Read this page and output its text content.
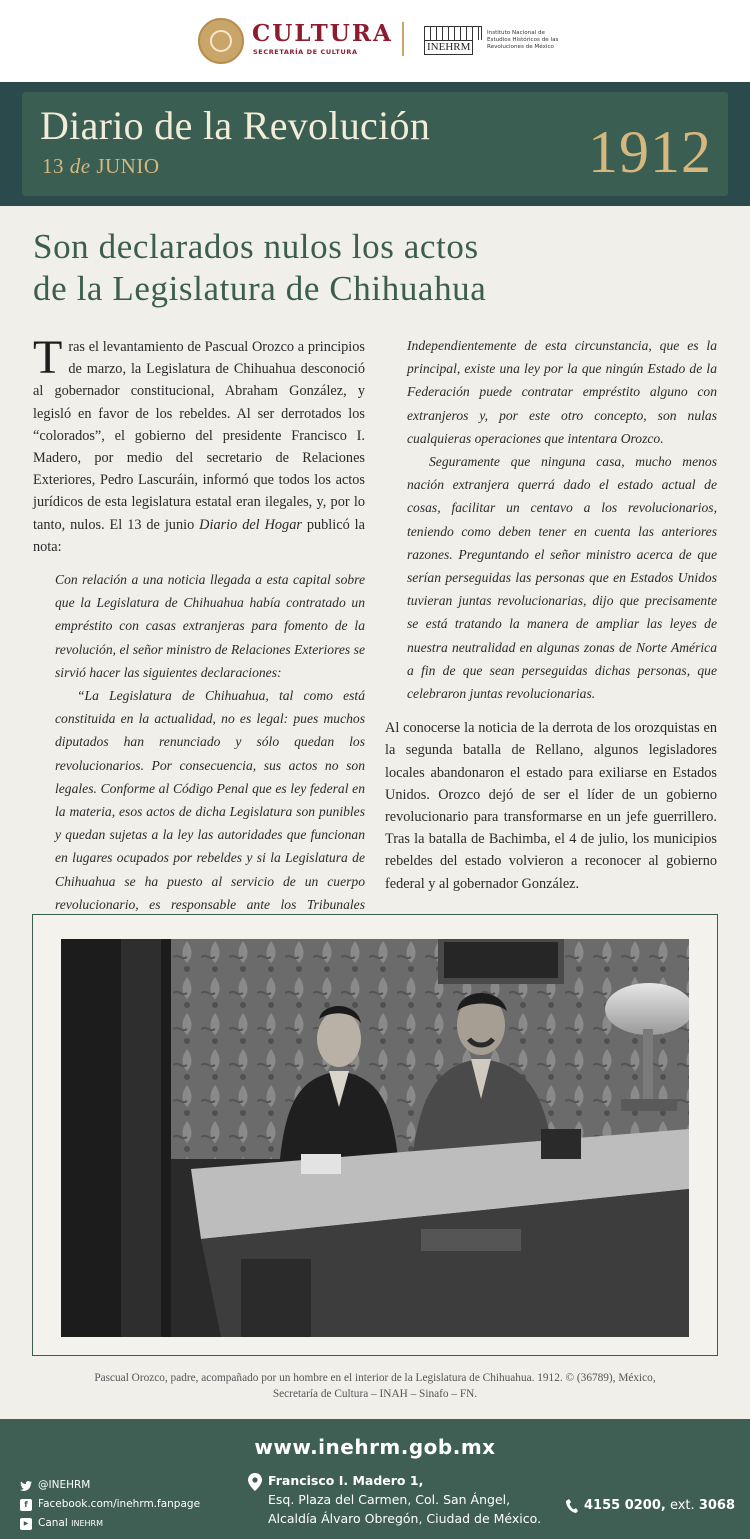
CULTURA
SECRETARÍA DE CULTURA	INEHRM
Instituto Nacional de Estudios Históricos de las Revoluciones de México
Diario de la Revolución
13 de JUNIO	1912
Son declarados nulos los actos
de la Legislatura de Chihuahua

Tras el levantamiento de Pascual Orozco a principios de marzo, la Legislatura de Chihuahua desconoció al gobernador constitucional, Abraham González, y legisló en favor de los rebeldes. Al ser derrotados los “colorados”, el gobierno del presidente Francisco I. Madero, por medio del secretario de Relaciones Exteriores, Pedro Lascuráin, informó que todos los actos jurídicos de esta legislatura estatal eran ilegales, y, por lo tanto, nulos. El 13 de junio Diario del Hogar publicó la nota:

Con relación a una noticia llegada a esta capital sobre que la Legislatura de Chihuahua había contratado un empréstito con casas extranjeras para fomento de la revolución, el señor ministro de Relaciones Exteriores se sirvió hacer las siguientes declaraciones:

“La Legislatura de Chihuahua, tal como está constituida en la actualidad, no es legal: pues muchos diputados han renunciado y sólo quedan los revolucionarios. Por consecuencia, sus actos no son legales. Conforme al Código Penal que es ley federal en la materia, esos actos de dicha Legislatura son punibles y quedan sujetas a la ley las autoridades que funcionan en lugares ocupados por rebeldes y si la Legislatura de Chihuahua se ha puesto al servicio de un cuerpo revolucionario, es responsable ante los Tribunales

Independientemente de esta circunstancia, que es la principal, existe una ley por la que ningún Estado de la Federación puede contratar empréstito alguno con extranjeros y, por este otro concepto, son nulas cualquieras operaciones que intentara Orozco.

Seguramente que ninguna casa, mucho menos nación extranjera querrá dado el estado actual de cosas, facilitar un centavo a los revolucionarios, teniendo como deben tener en cuenta las anteriores razones. Preguntando el señor ministro acerca de que serían perseguidas las personas que en Estados Unidos tuvieran juntas revolucionarias, dijo que precisamente se está tratando la manera de ampliar las leyes de nuestra neutralidad en algunas zonas de Norte América a fin de que sean perseguidas dichas personas, que celebraron juntas revolucionarias.

Al conocerse la noticia de la derrota de los orozquistas en la segunda batalla de Rellano, algunos legisladores locales abandonaron el estado para exiliarse en Estados Unidos. Orozco dejó de ser el líder de un gobierno revolucionario para transformarse en un jefe guerrillero. Tras la batalla de Bachimba, el 4 de julio, los municipios rebeldes del estado volvieron a reconocer al gobierno federal y al gobernador González.

Pascual Orozco, padre, acompañado por un hombre en el interior de la Legislatura de Chihuahua. 1912. © (36789), México,
Secretaría de Cultura – INAH – Sinafo – FN.
www.inehrm.gob.mx
@INEHRM
f Facebook.com/inehrm.fanpage
▶ Canal INEHRM
Francisco I. Madero 1,
Esq. Plaza del Carmen, Col. San Ángel,
Alcaldía Álvaro Obregón, Ciudad de México.
4155 0200, ext. 3068
